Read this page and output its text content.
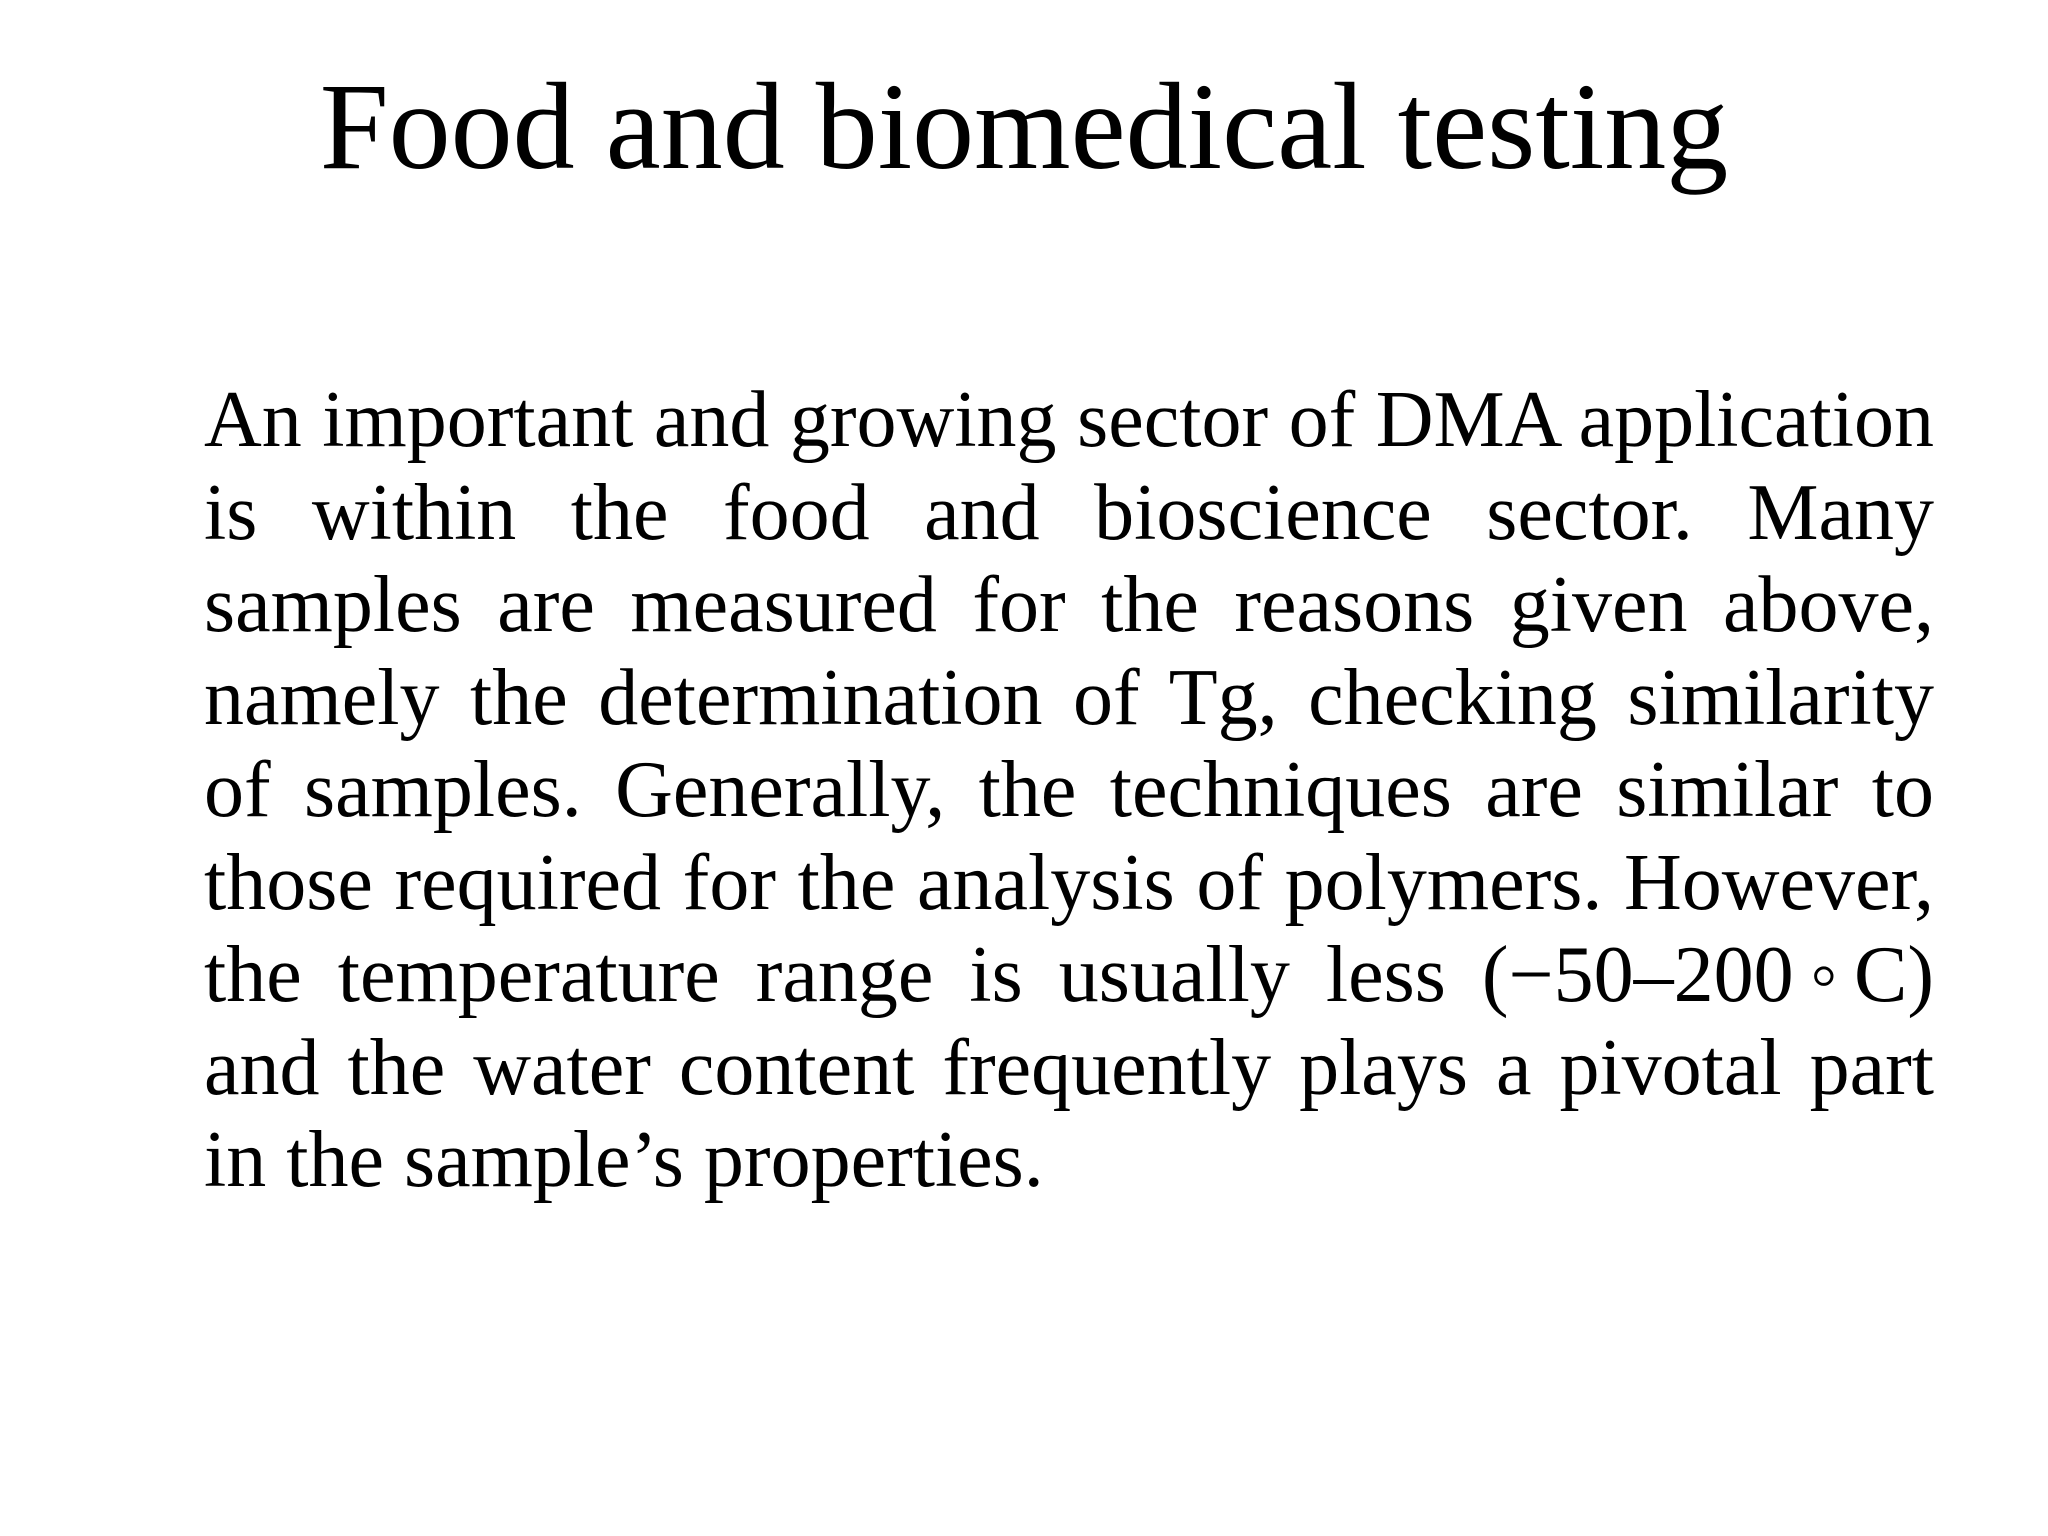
Food and biomedical testing

An important and growing sector of DMA application is within the food and bioscience sector. Many samples are measured for the reasons given above, namely the determination of Tg, checking similarity of samples. Generally, the techniques are similar to those required for the analysis of polymers. However, the temperature range is usually less (−50–200◦C) and the water content frequently plays a pivotal part in the sample’s properties.
